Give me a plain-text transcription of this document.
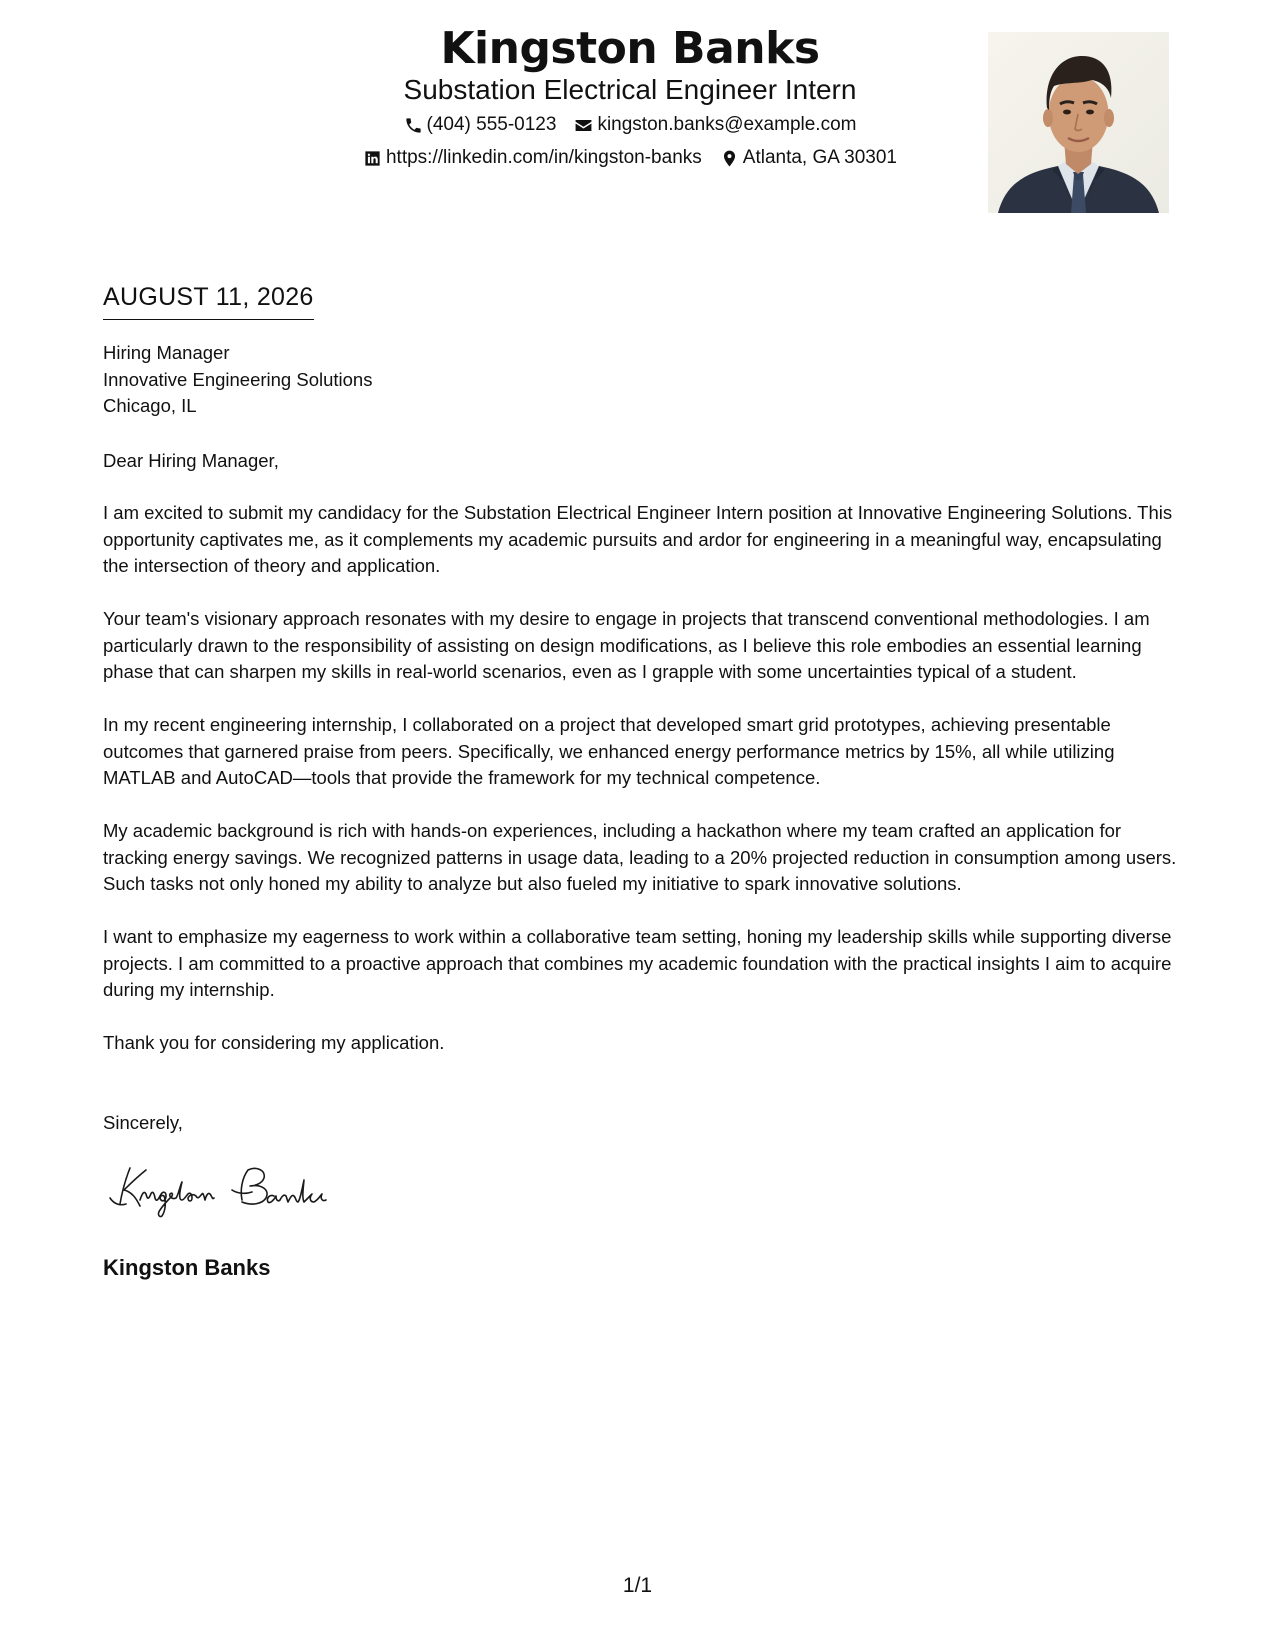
Kingston Banks
Substation Electrical Engineer Intern
(404) 555-0123 kingston.banks@example.com
https://linkedin.com/in/kingston-banks Atlanta, GA 30301
AUGUST 11, 2026
Hiring Manager
Innovative Engineering Solutions
Chicago, IL
Dear Hiring Manager,

I am excited to submit my candidacy for the Substation Electrical Engineer Intern position at Innovative Engineering Solutions. This opportunity captivates me, as it complements my academic pursuits and ardor for engineering in a meaningful way, encapsulating the intersection of theory and application.

Your team's visionary approach resonates with my desire to engage in projects that transcend conventional methodologies. I am particularly drawn to the responsibility of assisting on design modifications, as I believe this role embodies an essential learning phase that can sharpen my skills in real-world scenarios, even as I grapple with some uncertainties typical of a student.

In my recent engineering internship, I collaborated on a project that developed smart grid prototypes, achieving presentable outcomes that garnered praise from peers. Specifically, we enhanced energy performance metrics by 15%, all while utilizing MATLAB and AutoCAD—tools that provide the framework for my technical competence.

My academic background is rich with hands-on experiences, including a hackathon where my team crafted an application for tracking energy savings. We recognized patterns in usage data, leading to a 20% projected reduction in consumption among users. Such tasks not only honed my ability to analyze but also fueled my initiative to spark innovative solutions.

I want to emphasize my eagerness to work within a collaborative team setting, honing my leadership skills while supporting diverse projects. I am committed to a proactive approach that combines my academic foundation with the practical insights I aim to acquire during my internship.

Thank you for considering my application.

Sincerely,
Kingston Banks
1/1
